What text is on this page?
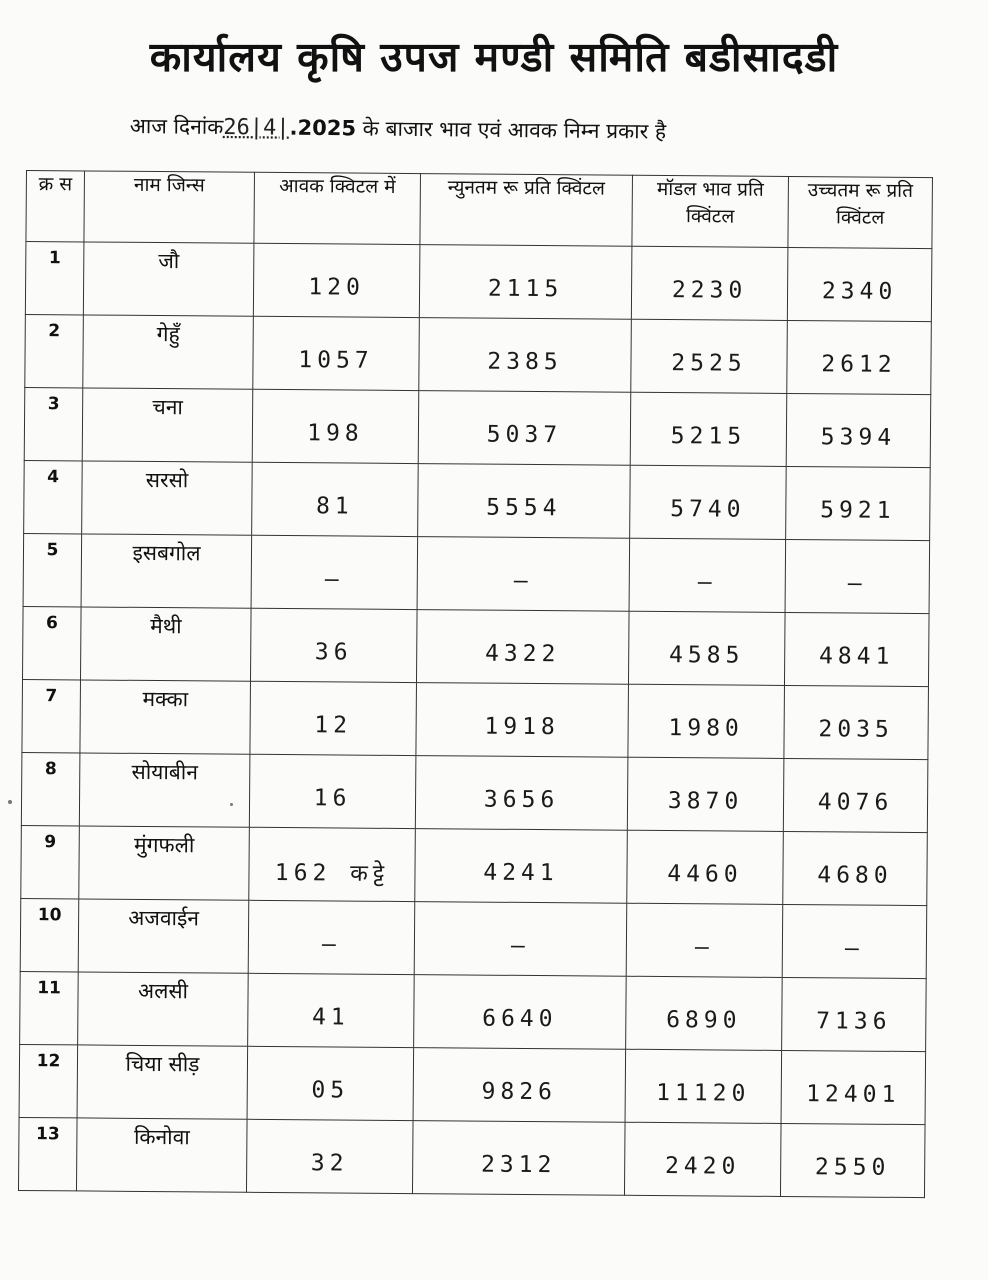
कार्यालय कृषि उपज मण्डी समिति बडीसादडी
आज दिनांक26|4|.2025 के बाजार भाव एवं आवक निम्न प्रकार है
क्र स	नाम जिन्स	आवक क्विटल में	न्युनतम रू प्रति क्विंटल	मॉडल भाव प्रति क्विंटल	उच्चतम रू प्रति क्विंटल
1	जौ	120	2115	2230	2340
2	गेहुँ	1057	2385	2525	2612
3	चना	198	5037	5215	5394
4	सरसो	81	5554	5740	5921
5	इसबगोल	—	—	—	—
6	मैथी	36	4322	4585	4841
7	मक्का	12	1918	1980	2035
8	सोयाबीन	16	3656	3870	4076
9	मुंगफली	162 कट्टे	4241	4460	4680
10	अजवाईन	—	—	—	—
11	अलसी	41	6640	6890	7136
12	चिया सीड़	05	9826	11120	12401
13	किनोवा	32	2312	2420	2550
